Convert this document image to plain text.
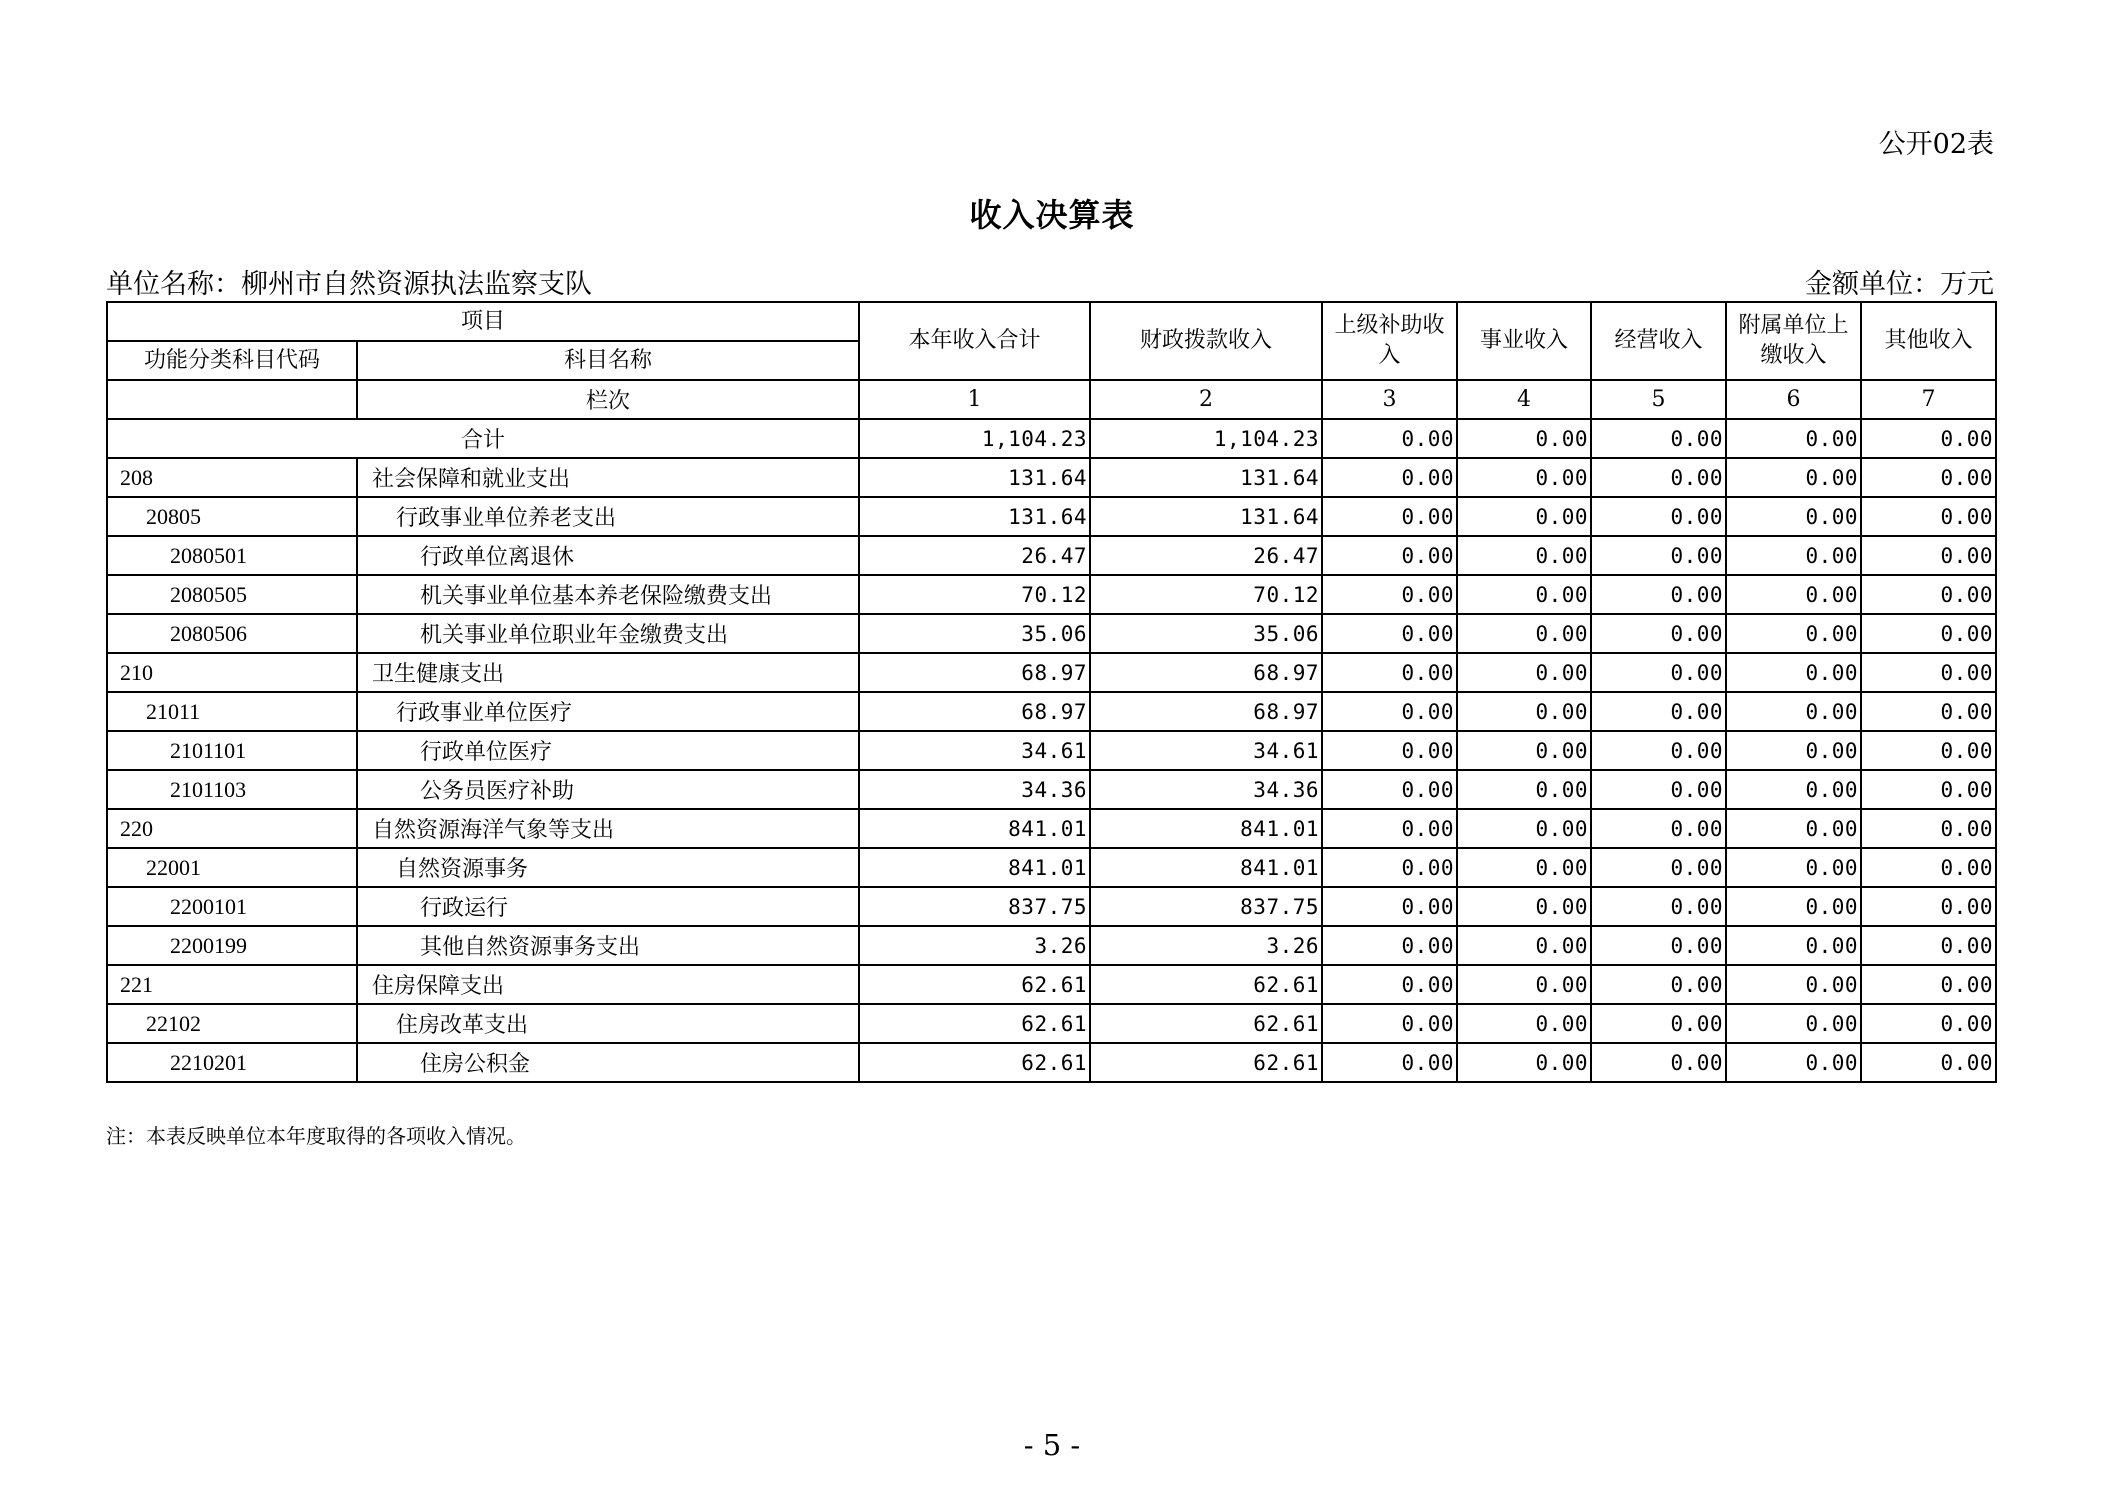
公开02表
收入决算表
单位名称：柳州市自然资源执法监察支队	金额单位：万元
项目		本年收入合计	财政拨款收入	上级补助收入	事业收入	经营收入	附属单位上缴收入	其他收入
功能分类科目代码	科目名称							
	栏次	1	2	3	4	5	6	7
合计		1,104.23	1,104.23	0.00	0.00	0.00	0.00	0.00
208	社会保障和就业支出	131.64	131.64	0.00	0.00	0.00	0.00	0.00
20805	行政事业单位养老支出	131.64	131.64	0.00	0.00	0.00	0.00	0.00
2080501	行政单位离退休	26.47	26.47	0.00	0.00	0.00	0.00	0.00
2080505	机关事业单位基本养老保险缴费支出	70.12	70.12	0.00	0.00	0.00	0.00	0.00
2080506	机关事业单位职业年金缴费支出	35.06	35.06	0.00	0.00	0.00	0.00	0.00
210	卫生健康支出	68.97	68.97	0.00	0.00	0.00	0.00	0.00
21011	行政事业单位医疗	68.97	68.97	0.00	0.00	0.00	0.00	0.00
2101101	行政单位医疗	34.61	34.61	0.00	0.00	0.00	0.00	0.00
2101103	公务员医疗补助	34.36	34.36	0.00	0.00	0.00	0.00	0.00
220	自然资源海洋气象等支出	841.01	841.01	0.00	0.00	0.00	0.00	0.00
22001	自然资源事务	841.01	841.01	0.00	0.00	0.00	0.00	0.00
2200101	行政运行	837.75	837.75	0.00	0.00	0.00	0.00	0.00
2200199	其他自然资源事务支出	3.26	3.26	0.00	0.00	0.00	0.00	0.00
221	住房保障支出	62.61	62.61	0.00	0.00	0.00	0.00	0.00
22102	住房改革支出	62.61	62.61	0.00	0.00	0.00	0.00	0.00
2210201	住房公积金	62.61	62.61	0.00	0.00	0.00	0.00	0.00
注：本表反映单位本年度取得的各项收入情况。
- 5 -
